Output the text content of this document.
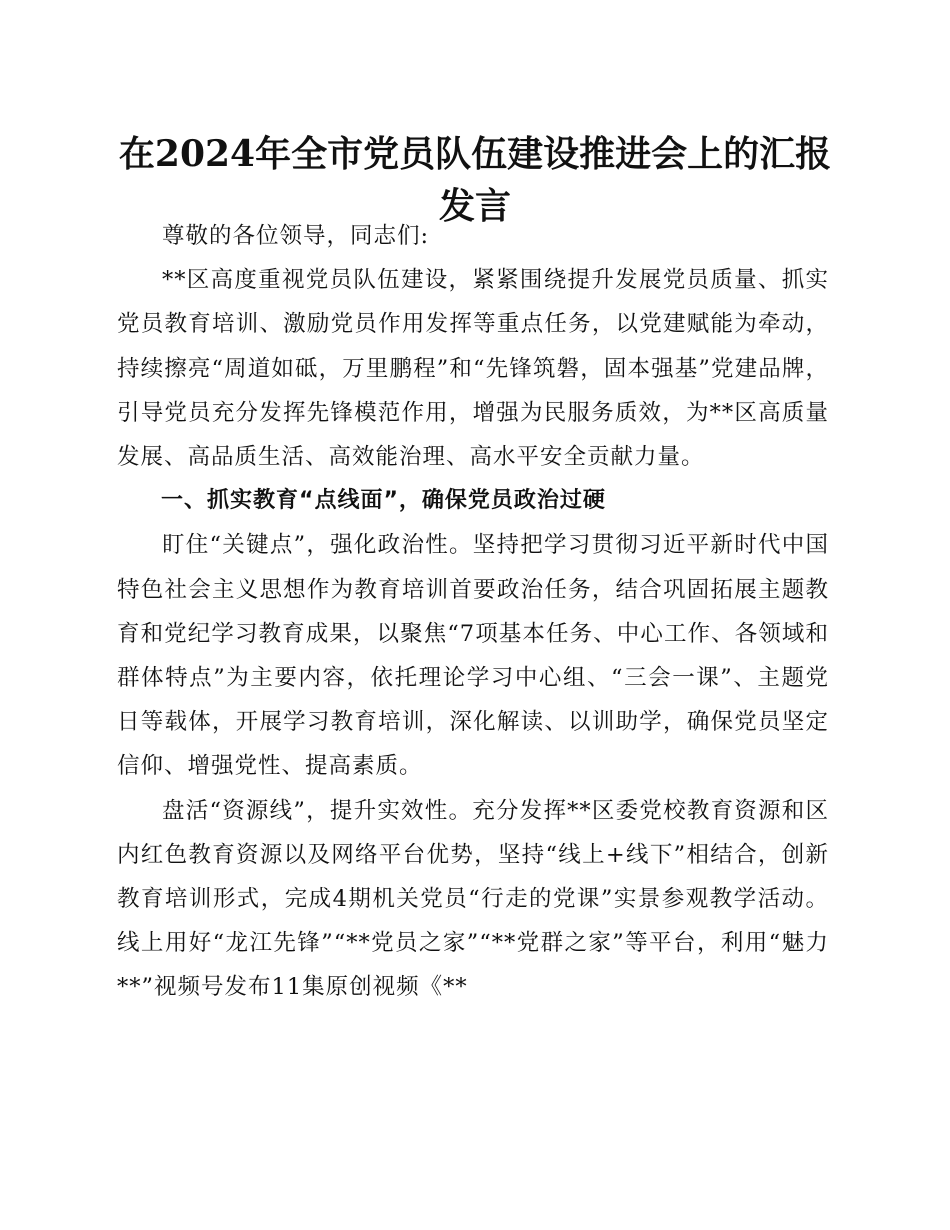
在2024年全市党员队伍建设推进会上的汇报发言

尊敬的各位领导，同志们:

**区高度重视党员队伍建设，紧紧围绕提升发展党员质量、抓实党员教育培训、激励党员作用发挥等重点任务，以党建赋能为牵动，持续擦亮“周道如砥，万里鹏程”和“先锋筑磐，固本强基”党建品牌，引导党员充分发挥先锋模范作用，增强为民服务质效，为**区高质量发展、高品质生活、高效能治理、高水平安全贡献力量。

一、抓实教育“点线面”，确保党员政治过硬

盯住“关键点”，强化政治性。坚持把学习贯彻习近平新时代中国特色社会主义思想作为教育培训首要政治任务，结合巩固拓展主题教育和党纪学习教育成果，以聚焦“7项基本任务、中心工作、各领域和群体特点”为主要内容，依托理论学习中心组、“三会一课”、主题党日等载体，开展学习教育培训，深化解读、以训助学，确保党员坚定信仰、增强党性、提高素质。

盘活“资源线”，提升实效性。充分发挥**区委党校教育资源和区内红色教育资源以及网络平台优势，坚持“线上+线下”相结合，创新教育培训形式，完成4期机关党员“行走的党课”实景参观教学活动。线上用好“龙江先锋”“**党员之家”“**党群之家”等平台，利用“魅力**”视频号发布11集原创视频《**
